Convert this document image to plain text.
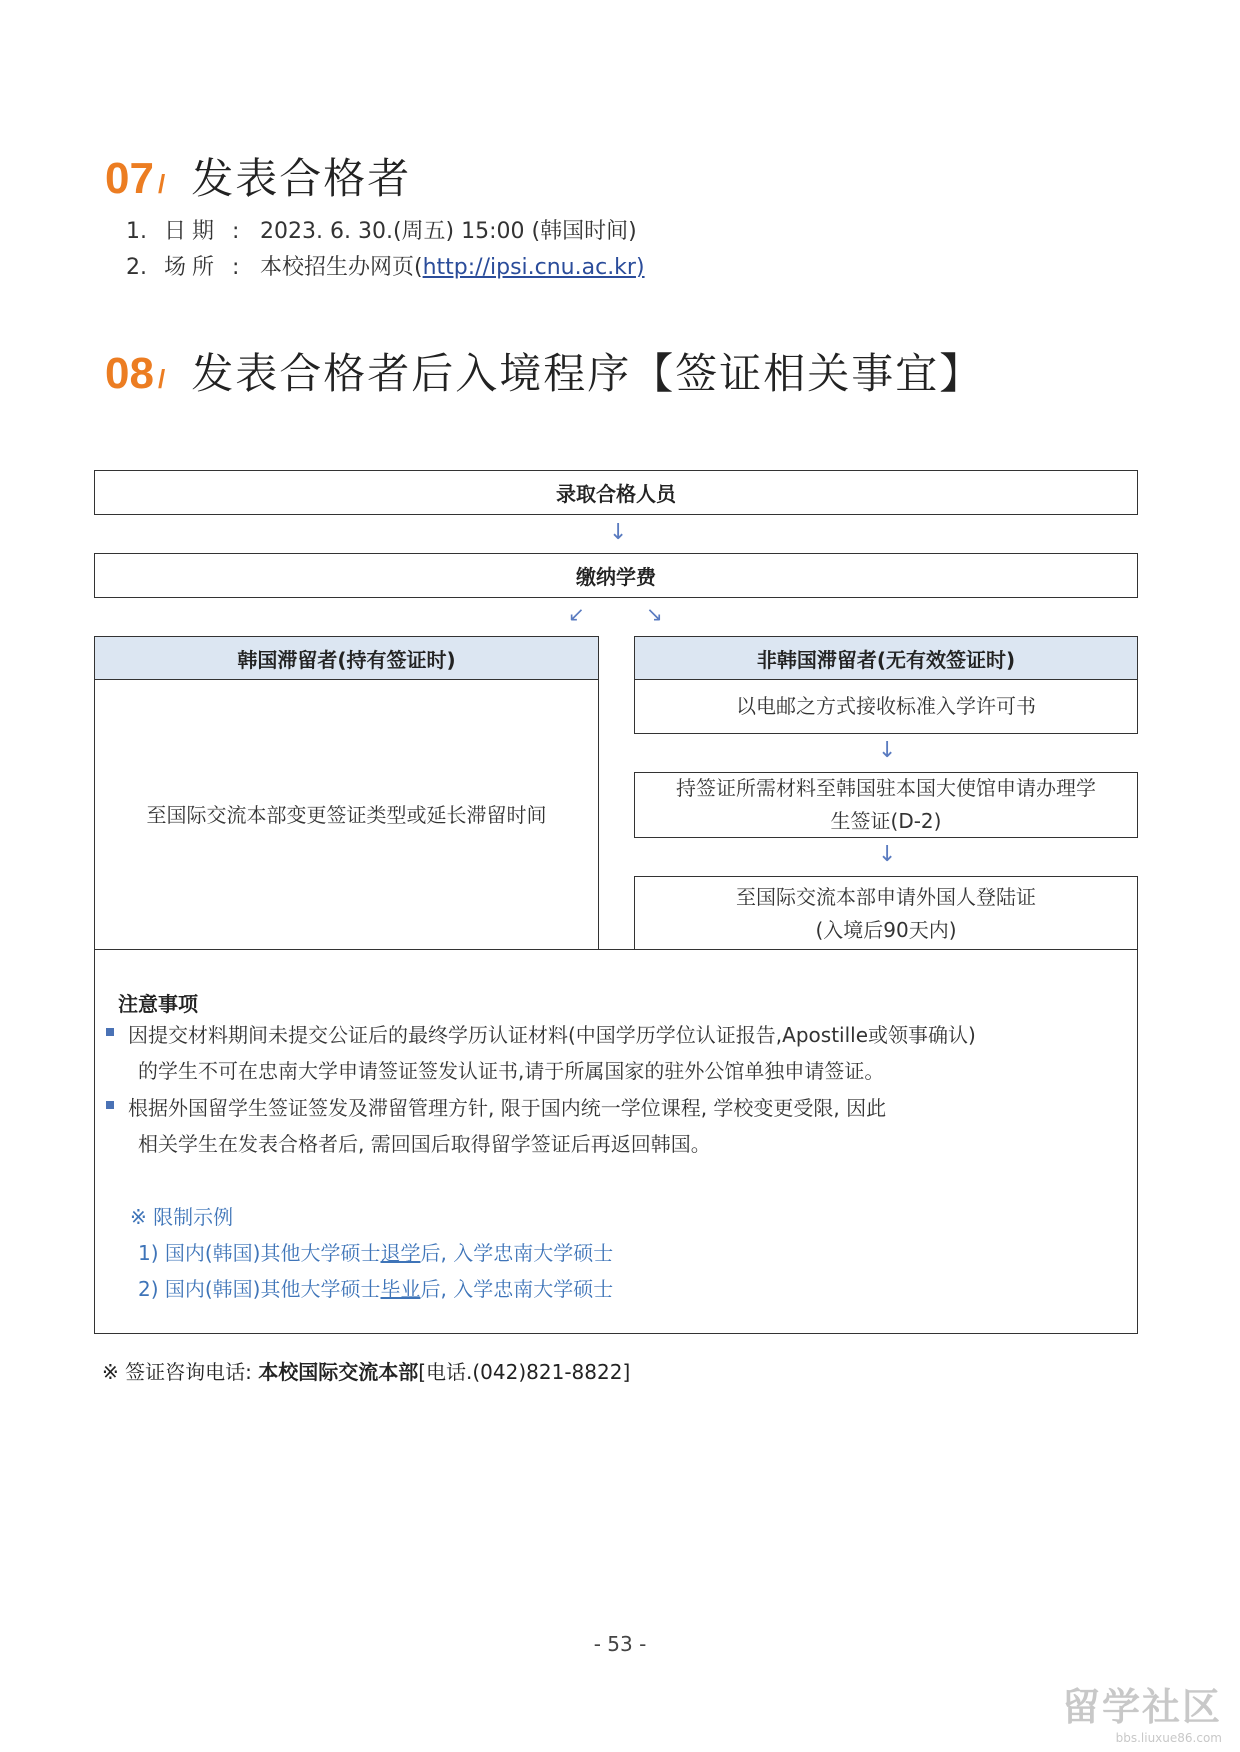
07 / 发表合格者
1. 日期 : 2023. 6. 30.(周五) 15:00 (韩国时间)
2. 场所 : 本校招生办网页(http://ipsi.cnu.ac.kr)
08 / 发表合格者后入境程序【签证相关事宜】
录取合格人员
↓
缴纳学费
↙	↘
韩国滞留者(持有签证时)
至国际交流本部变更签证类型或延长滞留时间
非韩国滞留者(无有效签证时)
以电邮之方式接收标准入学许可书
↓
持签证所需材料至韩国驻本国大使馆申请办理学
生签证(D-2)
↓
至国际交流本部申请外国人登陆证
(入境后90天内)
注意事项
因提交材料期间未提交公证后的最终学历认证材料(中国学历学位认证报告,Apostille或领事确认)
的学生不可在忠南大学申请签证签发认证书,请于所属国家的驻外公馆单独申请签证。
根据外国留学生签证签发及滞留管理方针, 限于国内统一学位课程, 学校变更受限, 因此
相关学生在发表合格者后, 需回国后取得留学签证后再返回韩国。
※ 限制示例
1) 国内(韩国)其他大学硕士退学后, 入学忠南大学硕士
2) 国内(韩国)其他大学硕士毕业后, 入学忠南大学硕士
※ 签证咨询电话: 本校国际交流本部[电话.(042)821-8822]
- 53 -
留学社区
bbs.liuxue86.com
